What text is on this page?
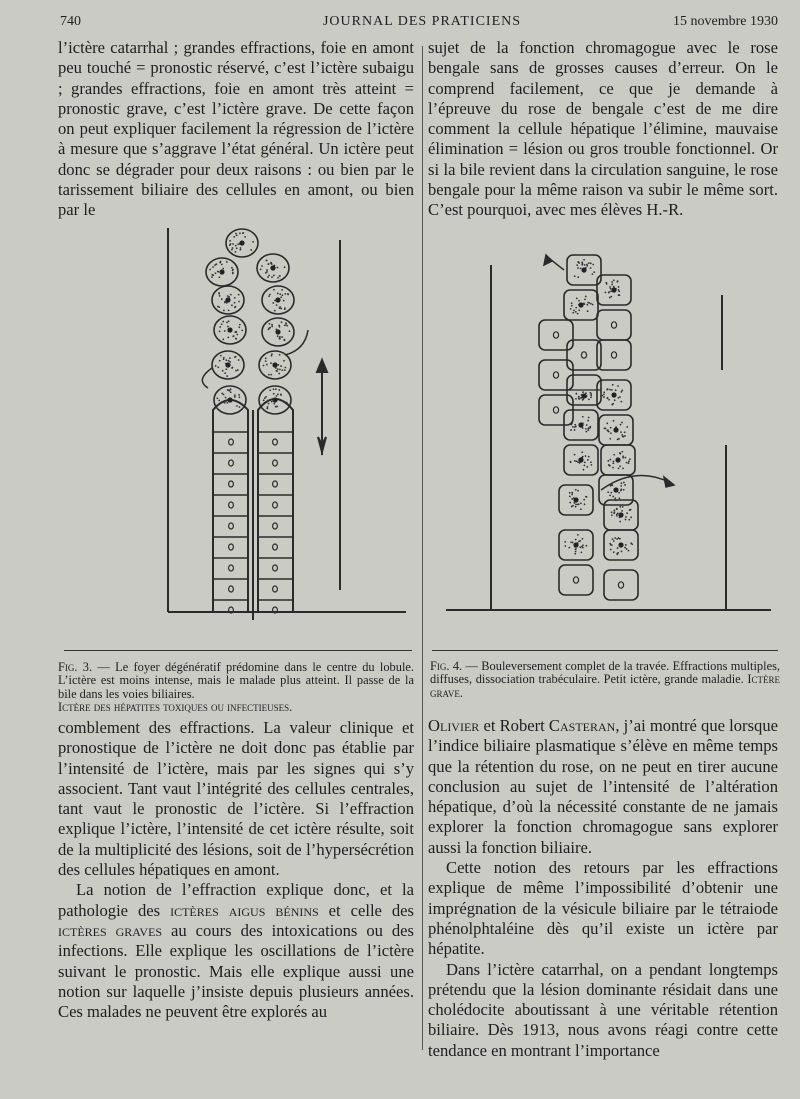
740	JOURNAL DES PRATICIENS	15 novembre 1930

l’ictère catarrhal ; grandes effractions, foie en amont peu touché = pronostic réservé, c’est l’ictère subaigu ; grandes effractions, foie en amont très atteint = pronostic grave, c’est l’ictère grave. De cette façon on peut expliquer facilement la régression de l’ictère à mesure que s’aggrave l’état général. Un ictère peut donc se dégrader pour deux raisons : ou bien par le tarissement biliaire des cellules en amont, ou bien par le

sujet de la fonction chromagogue avec le rose bengale sans de grosses causes d’erreur. On le comprend facilement, ce que je demande à l’épreuve du rose de bengale c’est de me dire comment la cellule hépatique l’élimine, mauvaise élimination = lésion ou gros trouble fonctionnel. Or si la bile revient dans la circulation sanguine, le rose bengale pour la même raison va subir le même sort. C’est pourquoi, avec mes élèves H.-R.

Fig. 3. — Le foyer dégénératif prédomine dans le centre du lobule. L’ictère est moins intense, mais le malade plus atteint. Il passe de la bile dans les voies biliaires.
Ictère des hépatites toxiques ou infectieuses.
Fig. 4. — Bouleversement complet de la travée. Effractions multiples, diffuses, dissociation trabéculaire. Petit ictère, grande maladie. Ictère grave.

comblement des effractions. La valeur clinique et pronostique de l’ictère ne doit donc pas établie par l’intensité de l’ictère, mais par les signes qui s’y associent. Tant vaut l’intégrité des cellules centrales, tant vaut le pronostic de l’ictère. Si l’effraction explique l’ictère, l’intensité de cet ictère résulte, soit de la multiplicité des lésions, soit de l’hypersécrétion des cellules hépatiques en amont.

La notion de l’effraction explique donc, et la pathologie des ictères aigus bénins et celle des ictères graves au cours des intoxications ou des infections. Elle explique les oscillations de l’ictère suivant le pronostic. Mais elle explique aussi une notion sur laquelle j’insiste depuis plusieurs années. Ces malades ne peuvent être explorés au

Olivier et Robert Casteran, j’ai montré que lorsque l’indice biliaire plasmatique s’élève en même temps que la rétention du rose, on ne peut en tirer aucune conclusion au sujet de l’intensité de l’altération hépatique, d’où la nécessité constante de ne jamais explorer la fonction chromagogue sans explorer aussi la fonction biliaire.

Cette notion des retours par les effractions explique de même l’impossibilité d’obtenir une imprégnation de la vésicule biliaire par le tétraiode phénolphtaléine dès qu’il existe un ictère par hépatite.

Dans l’ictère catarrhal, on a pendant longtemps prétendu que la lésion dominante résidait dans une cholédocite aboutissant à une véritable rétention biliaire. Dès 1913, nous avons réagi contre cette tendance en montrant l’importance
